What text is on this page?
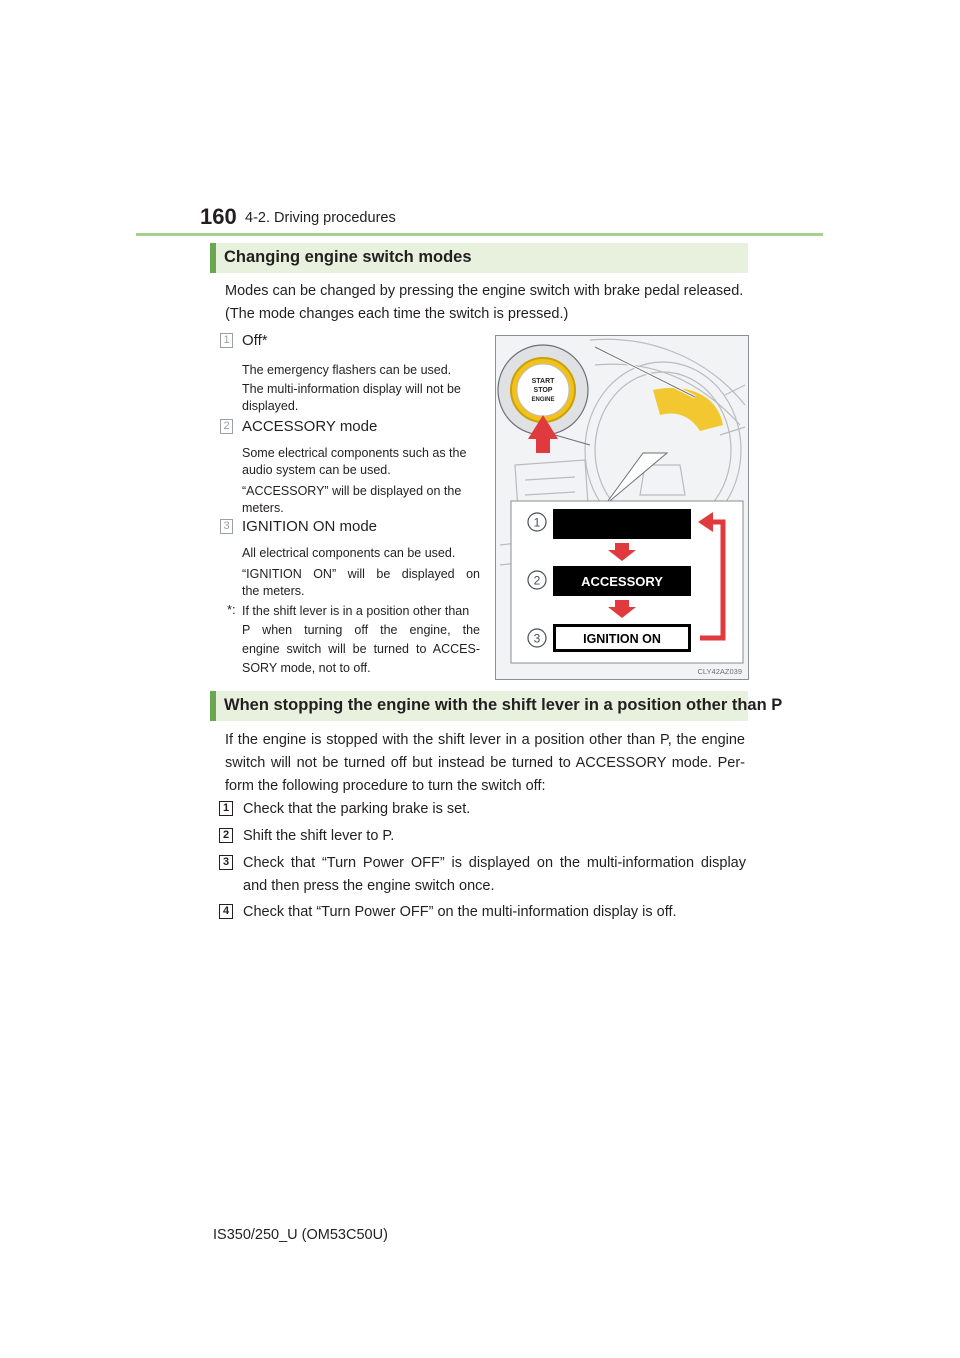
160 4-2. Driving procedures
Changing engine switch modes
Modes can be changed by pressing the engine switch with brake pedal released.
(The mode changes each time the switch is pressed.)
1 Off*
The emergency flashers can be used.
The multi-information display will not be
displayed.
2 ACCESSORY mode
Some electrical components such as the
audio system can be used.
“ACCESSORY” will be displayed on the
meters.
3 IGNITION ON mode
All electrical components can be used.
“IGNITION ON” will be displayed on
the meters.
*: If the shift lever is in a position other than
P when turning off the engine, the
engine switch will be turned to ACCES-
SORY mode, not to off.
START
STOP
ENGINE
1
2
3
ACCESSORY
IGNITION ON
CLY42AZ039
When stopping the engine with the shift lever in a position other than P
If the engine is stopped with the shift lever in a position other than P, the engine
switch will not be turned off but instead be turned to ACCESSORY mode. Per-
form the following procedure to turn the switch off:
1 Check that the parking brake is set.
2 Shift the shift lever to P.
3 Check that “Turn Power OFF” is displayed on the multi-information display
and then press the engine switch once.
4 Check that “Turn Power OFF” on the multi-information display is off.
IS350/250_U (OM53C50U)
